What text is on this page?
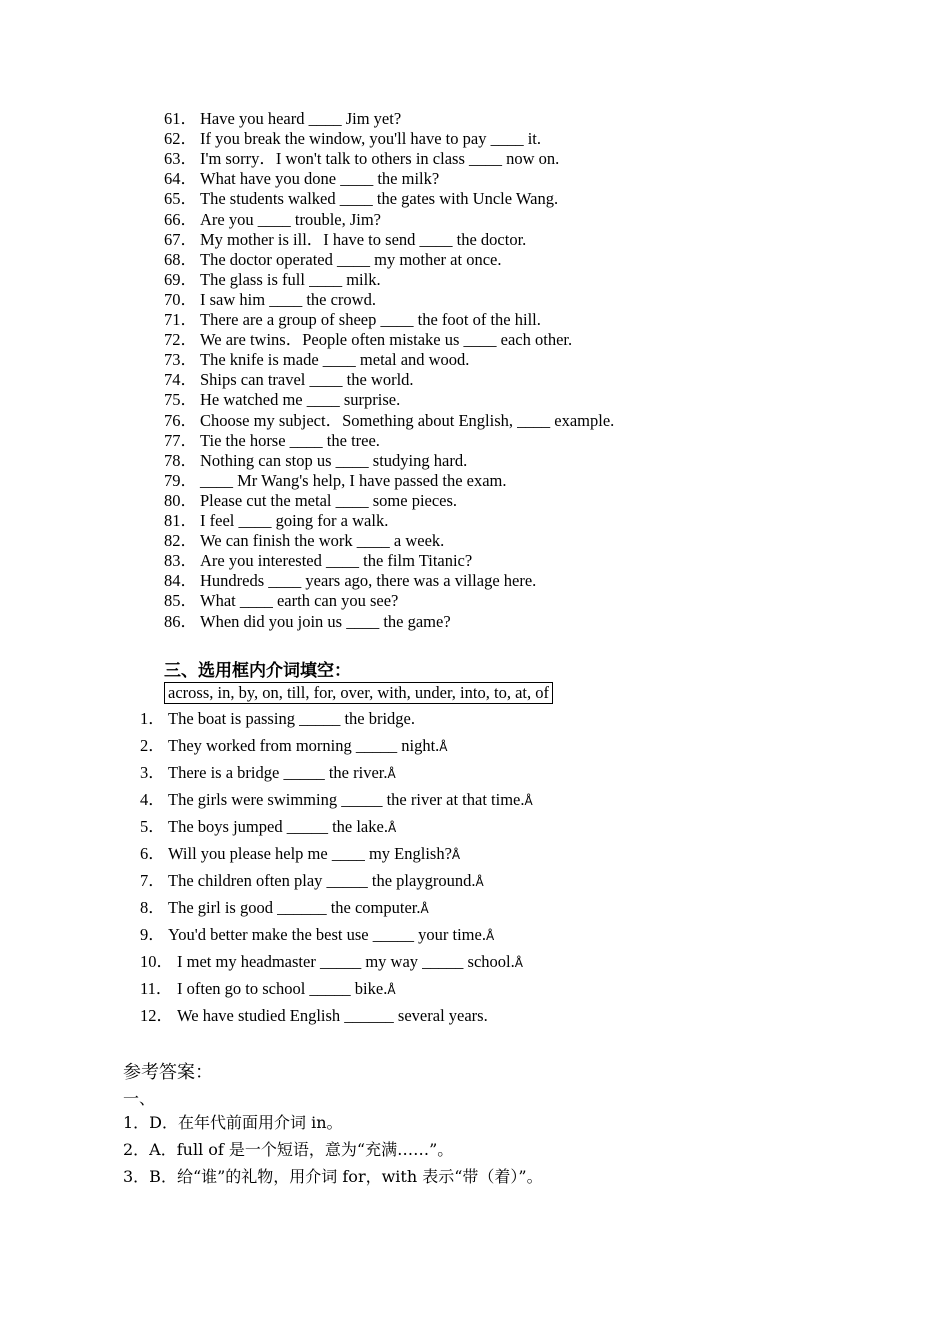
61． Have you heard ____ Jim yet?
62． If you break the window, you'll have to pay ____ it.
63． I'm sorry．I won't talk to others in class ____ now on.
64． What have you done ____ the milk?
65． The students walked ____ the gates with Uncle Wang.
66． Are you ____ trouble, Jim?
67． My mother is ill．I have to send ____ the doctor.
68． The doctor operated ____ my mother at once.
69． The glass is full ____ milk.
70． I saw him ____ the crowd.
71． There are a group of sheep ____ the foot of the hill.
72． We are twins．People often mistake us ____ each other.
73． The knife is made ____ metal and wood.
74． Ships can travel ____ the world.
75． He watched me ____ surprise.
76． Choose my subject．Something about English, ____ example.
77． Tie the horse ____ the tree.
78． Nothing can stop us ____ studying hard.
79． ____ Mr Wang's help, I have passed the exam.
80． Please cut the metal ____ some pieces.
81． I feel ____ going for a walk.
82． We can finish the work ____ a week.
83． Are you interested ____ the film Titanic?
84． Hundreds ____ years ago, there was a village here.
85． What ____ earth can you see?
86． When did you join us ____ the game?
三、选用框内介词填空：
across, in, by, on, till, for, over, with, under, into, to, at, of
1． The boat is passing _____ the bridge.
2． They worked from morning _____ night.Å
3． There is a bridge _____ the river.Å
4． The girls were swimming _____ the river at that time.Å
5． The boys jumped _____ the lake.Å
6． Will you please help me ____ my English?Å
7． The children often play _____ the playground.Å
8． The girl is good ______ the computer.Å
9． You'd better make the best use _____ your time.Å
10． I met my headmaster _____ my way _____ school.Å
11． I often go to school _____ bike.Å
12． We have studied English ______ several years.
参考答案：
一、
1．D．在年代前面用介词 in。
2．A．full of 是一个短语，意为“充满……”。
3．B．给“谁”的礼物，用介词 for，with 表示“带（着）”。
